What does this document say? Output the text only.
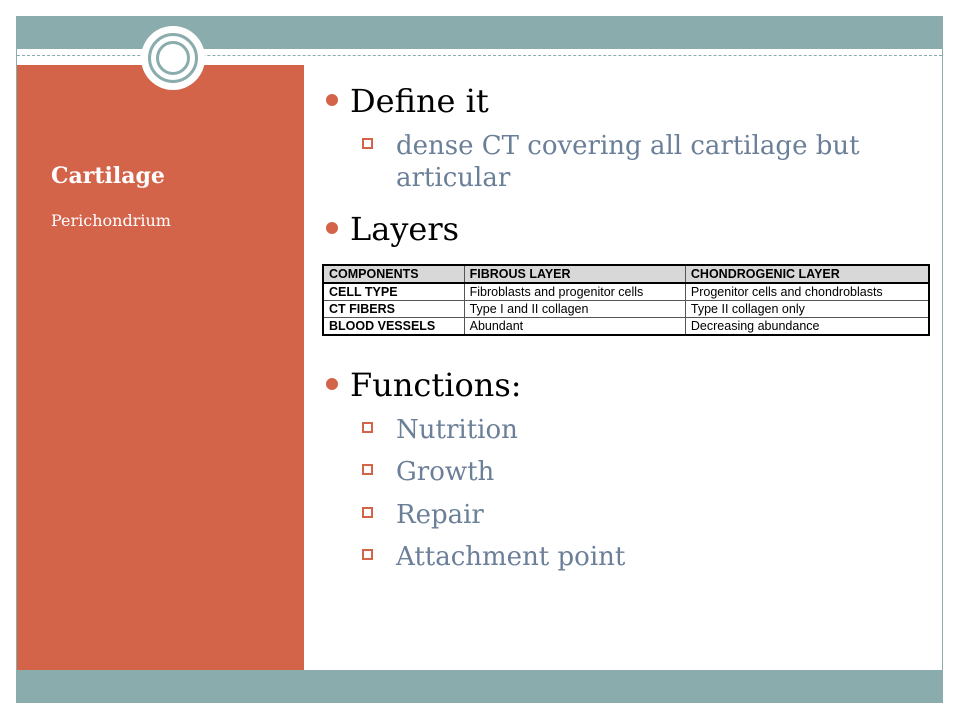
Cartilage
Perichondrium
Define it
dense CT covering all cartilage but articular
Layers
COMPONENTS	FIBROUS LAYER	CHONDROGENIC LAYER
CELL TYPE	Fibroblasts and progenitor cells	Progenitor cells and chondroblasts
CT FIBERS	Type I and II collagen	Type II collagen only
BLOOD VESSELS	Abundant	Decreasing abundance
Functions:
Nutrition
Growth
Repair
Attachment point
